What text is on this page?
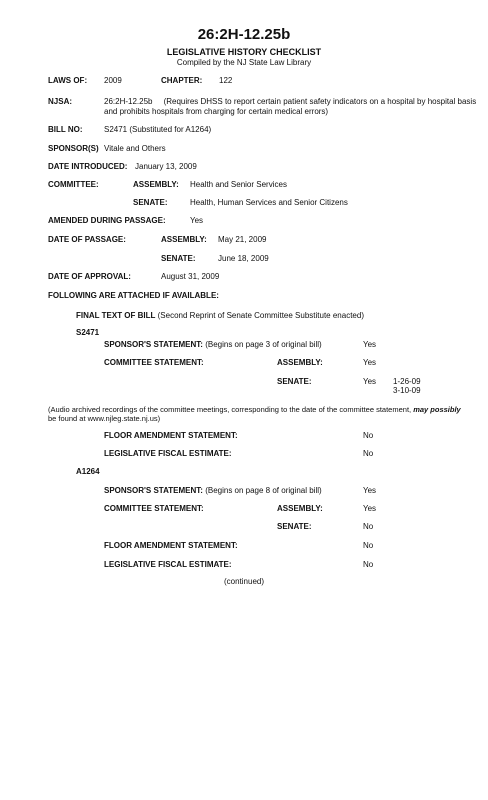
26:2H-12.25b
LEGISLATIVE HISTORY CHECKLIST
Compiled by the NJ State Law Library
LAWS OF: 2009	CHAPTER: 122
NJSA:	26:2H-12.25b     (Requires DHSS to report certain patient safety indicators on a hospital by hospital basis
and prohibits hospitals from charging for certain medical errors)
BILL NO:	S2471 (Substituted for A1264)
SPONSOR(S) Vitale and Others
DATE INTRODUCED: January 13, 2009
COMMITTEE:	ASSEMBLY: Health and Senior Services
SENATE:	Health, Human Services and Senior Citizens
AMENDED DURING PASSAGE:	Yes
DATE OF PASSAGE:	ASSEMBLY: May 21, 2009
SENATE:	June 18, 2009
DATE OF APPROVAL:	August 31, 2009
FOLLOWING ARE ATTACHED IF AVAILABLE:
FINAL TEXT OF BILL (Second Reprint of Senate Committee Substitute enacted)
S2471
SPONSOR'S STATEMENT: (Begins on page 3 of original bill)	Yes
COMMITTEE STATEMENT:	ASSEMBLY:	Yes
SENATE:	Yes 1-26-09
3-10-09
(Audio archived recordings of the committee meetings, corresponding to the date of the committee statement, may possibly
be found at www.njleg.state.nj.us)
FLOOR AMENDMENT STATEMENT:	No
LEGISLATIVE FISCAL ESTIMATE:	No
A1264
SPONSOR'S STATEMENT: (Begins on page 8 of original bill)	Yes
COMMITTEE STATEMENT:	ASSEMBLY:	Yes
SENATE:	No
FLOOR AMENDMENT STATEMENT:	No
LEGISLATIVE FISCAL ESTIMATE:	No
(continued)
